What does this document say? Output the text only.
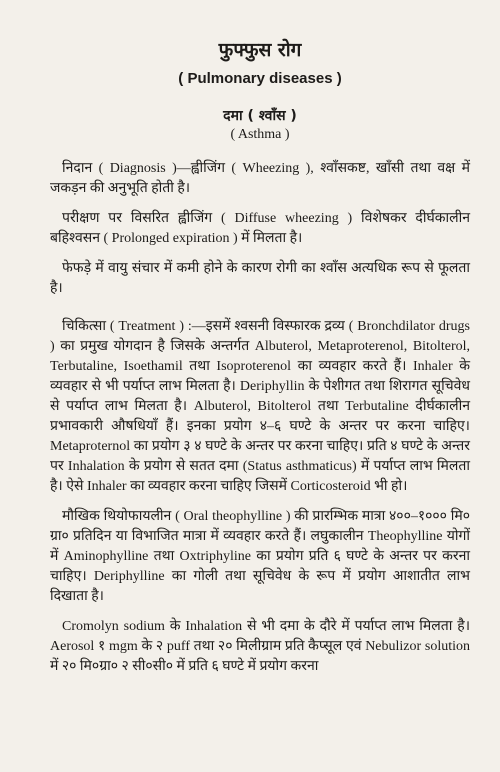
फुफ्फुस रोग
( Pulmonary diseases )
दमा ( श्वाँस )
( Asthma )

निदान ( Diagnosis )—ह्वीजिंग ( Wheezing ), श्वाँसकष्ट, खाँसी तथा वक्ष में जकड़न की अनुभूति होती है।

परीक्षण पर विसरित ह्वीजिंग ( Diffuse wheezing ) विशेषकर दीर्घकालीन बहिश्वसन ( Prolonged expiration ) में मिलता है।

फेफड़े में वायु संचार में कमी होने के कारण रोगी का श्वाँस अत्यधिक रूप से फूलता है।

चिकित्सा ( Treatment ) :—इसमें श्वसनी विस्फारक द्रव्य ( Bronchdilator drugs ) का प्रमुख योगदान है जिसके अन्तर्गत Albuterol, Metaproterenol, Bitolterol, Terbutaline, Isoethamil तथा Isoproterenol का व्यवहार करते हैं। Inhaler के व्यवहार से भी पर्याप्त लाभ मिलता है। Deriphyllin के पेशीगत तथा शिरागत सूचिवेध से पर्याप्त लाभ मिलता है। Albuterol, Bitolterol तथा Terbutaline दीर्घकालीन प्रभावकारी औषधियाँ हैं। इनका प्रयोग ४–६ घण्टे के अन्तर पर करना चाहिए। Metaproternol का प्रयोग ३ ४ घण्टे के अन्तर पर करना चाहिए। प्रति ४ घण्टे के अन्तर पर Inhalation के प्रयोग से सतत दमा (Status asthmaticus) में पर्याप्त लाभ मिलता है। ऐसे Inhaler का व्यवहार करना चाहिए जिसमें Corticosteroid भी हो।

मौखिक थियोफायलीन ( Oral theophylline ) की प्रारम्भिक मात्रा ४००–१००० मि० ग्रा० प्रतिदिन या विभाजित मात्रा में व्यवहार करते हैं। लघुकालीन Theophylline योगों में Aminophylline तथा Oxtriphyline का प्रयोग प्रति ६ घण्टे के अन्तर पर करना चाहिए। Deriphylline का गोली तथा सूचिवेध के रूप में प्रयोग आशातीत लाभ दिखाता है।

Cromolyn sodium के Inhalation से भी दमा के दौरे में पर्याप्त लाभ मिलता है। Aerosol १ mgm के २ puff तथा २० मिलीग्राम प्रति कैप्सूल एवं Nebulizor solution में २० मि०ग्रा० २ सी०सी० में प्रति ६ घण्टे में प्रयोग करना
